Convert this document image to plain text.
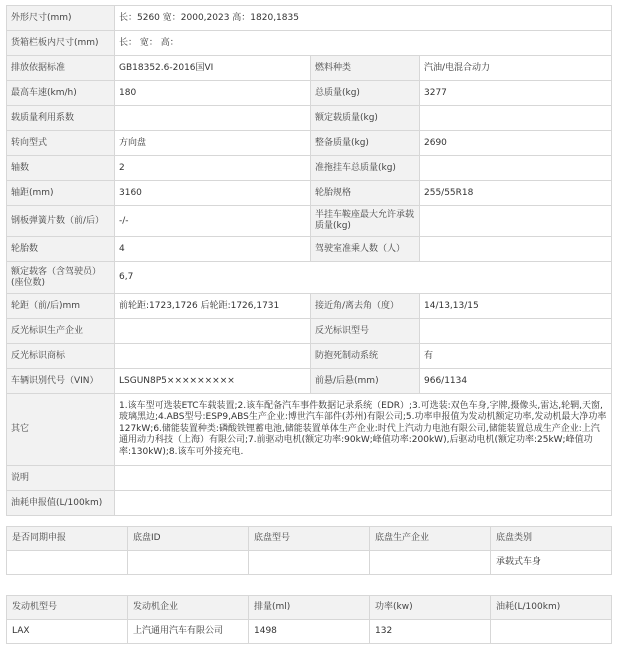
外形尺寸(mm)	长：5260 宽：2000,2023 高：1820,1835		
货箱栏板内尺寸(mm)	长： 宽： 高：		
排放依据标准	GB18352.6-2016国VI	燃料种类	汽油/电混合动力
最高车速(km/h)	180	总质量(kg)	3277
载质量利用系数		额定载质量(kg)	
转向型式	方向盘	整备质量(kg)	2690
轴数	2	准拖挂车总质量(kg)	
轴距(mm)	3160	轮胎规格	255/55R18
钢板弹簧片数（前/后）	-/-	半挂车鞍座最大允许承载质量(kg)	
轮胎数	4	驾驶室准乘人数（人）	
额定载客（含驾驶员）(座位数)	6,7		
轮距（前/后)mm	前轮距:1723,1726 后轮距:1726,1731	接近角/离去角（度）	14/13,13/15
反光标识生产企业		反光标识型号	
反光标识商标		防抱死制动系统	有
车辆识别代号（VIN）	LSGUN8P5×××××××××	前悬/后悬(mm)	966/1134
其它	1.该车型可选装ETC车载装置;2.该车配备汽车事件数据记录系统（EDR）;3.可选装:双色车身,字牌,摄像头,雷达,轮辋,天窗,玻璃黑边;4.ABS型号:ESP9,ABS生产企业:博世汽车部件(苏州)有限公司;5.功率申报值为发动机额定功率,发动机最大净功率127kW;6.储能装置种类:磷酸铁锂蓄电池,储能装置单体生产企业:时代上汽动力电池有限公司,储能装置总成生产企业:上汽通用动力科技（上海）有限公司;7.前驱动电机(额定功率:90kW;峰值功率:200kW),后驱动电机(额定功率:25kW;峰值功率:130kW);8.该车可外接充电.		
说明			
油耗申报值(L/100km)			
是否同期申报	底盘ID	底盘型号	底盘生产企业	底盘类别
				承载式车身
发动机型号	发动机企业	排量(ml)	功率(kw)	油耗(L/100km)
LAX	上汽通用汽车有限公司	1498	132	
